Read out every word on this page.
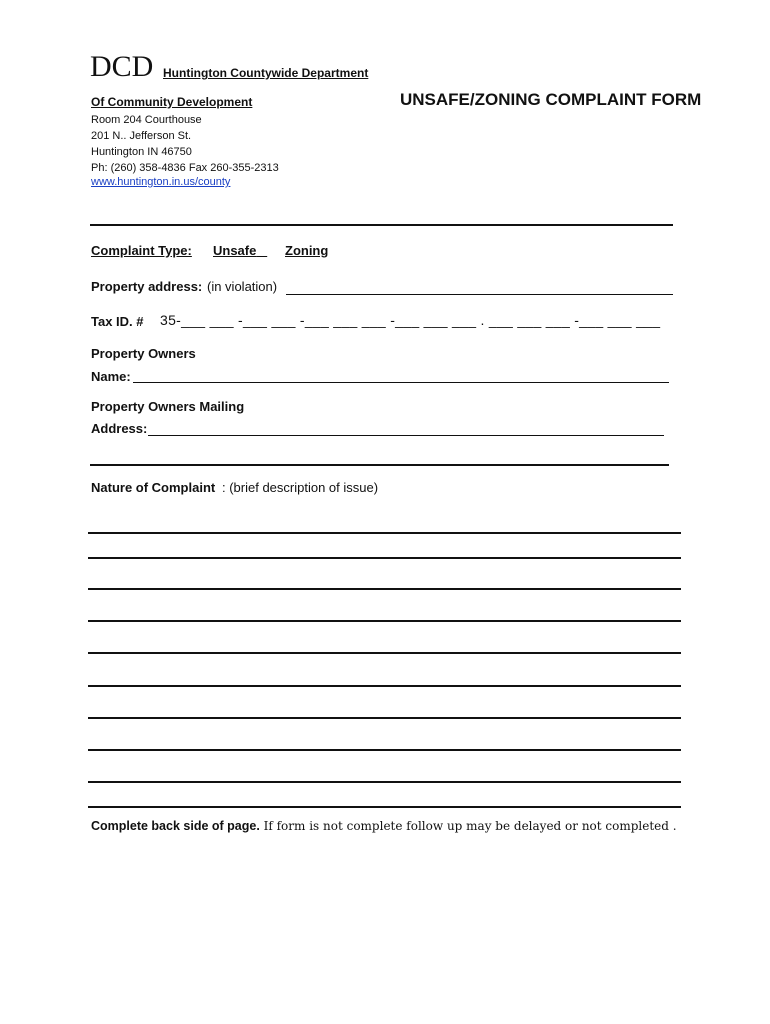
DCD Huntington Countywide Department
Of Community Development	UNSAFE/ZONING COMPLAINT FORM
Room 204 Courthouse
201 N.. Jefferson St.
Huntington IN 46750
Ph: (260) 358-4836 Fax 260-355-2313
www.huntington.in.us/county
Complaint Type: Unsafe	Zoning
Property address: (in violation)
Tax ID. # 35-___ ___ -___ ___ -___ ___ ___ -___ ___ ___ . ___ ___ ___ -___ ___ ___
Property Owners
Name:
Property Owners Mailing
Address:
Nature of Complaint : (brief description of issue)
Complete back side of page. If form is not complete follow up may be delayed or not completed .
